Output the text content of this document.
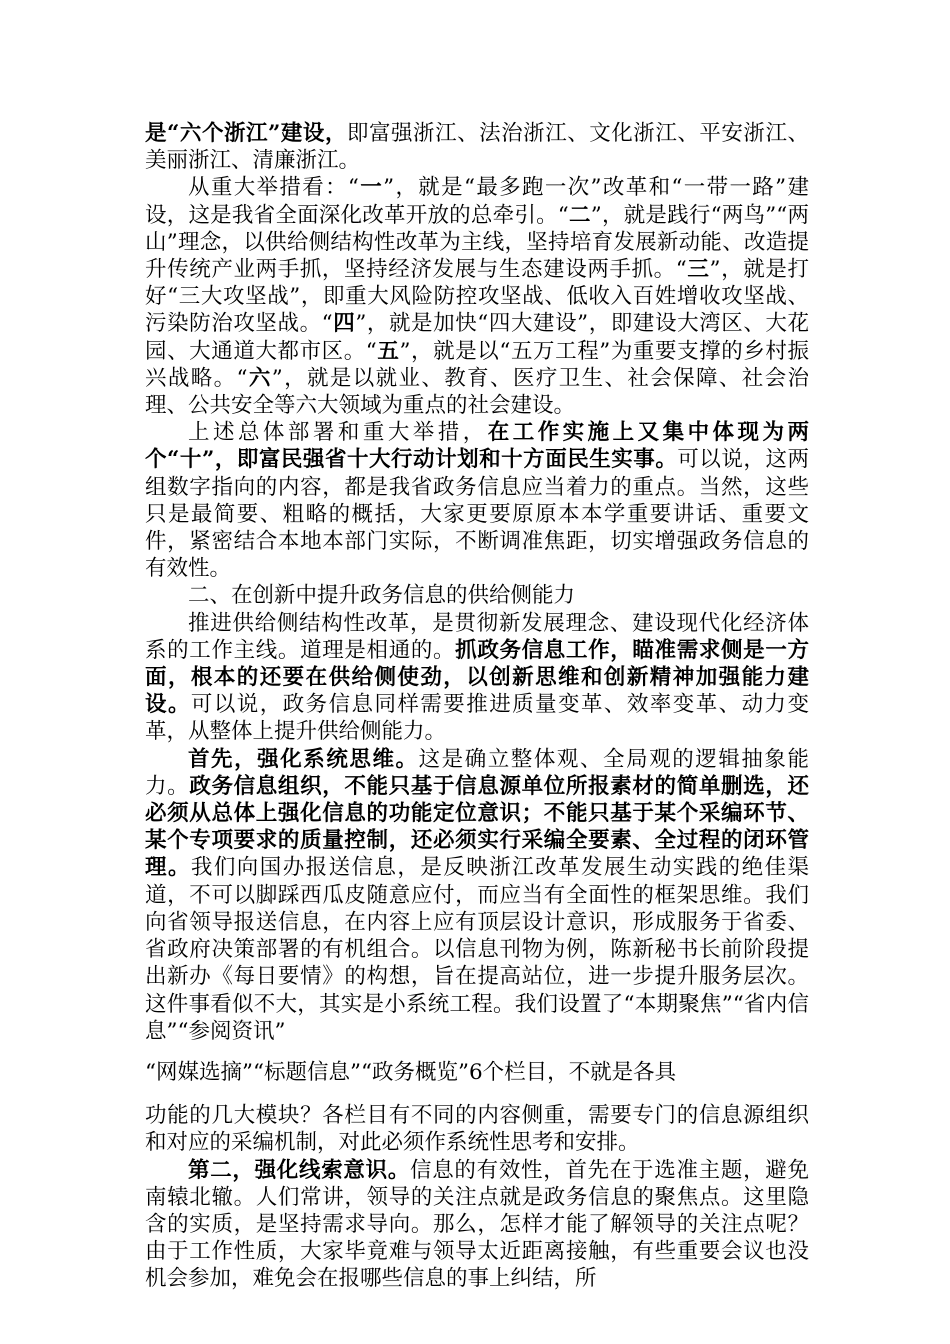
是“六个浙江”建设，即富强浙江、法治浙江、文化浙江、平安浙江、美丽浙江、清廉浙江。

从重大举措看：“一”，就是“最多跑一次”改革和“一带一路”建设，这是我省全面深化改革开放的总牵引。“二”，就是践行“两鸟”“两山”理念，以供给侧结构性改革为主线，坚持培育发展新动能、改造提升传统产业两手抓，坚持经济发展与生态建设两手抓。“三”，就是打好“三大攻坚战”，即重大风险防控攻坚战、低收入百姓增收攻坚战、污染防治攻坚战。“四”，就是加快“四大建设”，即建设大湾区、大花园、大通道大都市区。“五”，就是以“五万工程”为重要支撑的乡村振兴战略。“六”，就是以就业、教育、医疗卫生、社会保障、社会治理、公共安全等六大领域为重点的社会建设。

上述总体部署和重大举措，在工作实施上又集中体现为两个“十”，即富民强省十大行动计划和十方面民生实事。可以说，这两组数字指向的内容，都是我省政务信息应当着力的重点。当然，这些只是最简要、粗略的概括，大家更要原原本本学重要讲话、重要文件，紧密结合本地本部门实际，不断调准焦距，切实增强政务信息的有效性。

二、在创新中提升政务信息的供给侧能力

推进供给侧结构性改革，是贯彻新发展理念、建设现代化经济体系的工作主线。道理是相通的。抓政务信息工作，瞄准需求侧是一方面，根本的还要在供给侧使劲，以创新思维和创新精神加强能力建设。可以说，政务信息同样需要推进质量变革、效率变革、动力变革，从整体上提升供给侧能力。

首先，强化系统思维。这是确立整体观、全局观的逻辑抽象能力。政务信息组织，不能只基于信息源单位所报素材的简单删选，还必须从总体上强化信息的功能定位意识；不能只基于某个采编环节、某个专项要求的质量控制，还必须实行采编全要素、全过程的闭环管理。我们向国办报送信息，是反映浙江改革发展生动实践的绝佳渠道，不可以脚踩西瓜皮随意应付，而应当有全面性的框架思维。我们向省领导报送信息，在内容上应有顶层设计意识，形成服务于省委、省政府决策部署的有机组合。以信息刊物为例，陈新秘书长前阶段提出新办《每日要情》的构想，旨在提高站位，进一步提升服务层次。这件事看似不大，其实是小系统工程。我们设置了“本期聚焦”“省内信息”“参阅资讯”

“网媒选摘”“标题信息”“政务概览”6个栏目，不就是各具

功能的几大模块？各栏目有不同的内容侧重，需要专门的信息源组织和对应的采编机制，对此必须作系统性思考和安排。

第二，强化线索意识。信息的有效性，首先在于选准主题，避免南辕北辙。人们常讲，领导的关注点就是政务信息的聚焦点。这里隐含的实质，是坚持需求导向。那么，怎样才能了解领导的关注点呢？由于工作性质，大家毕竟难与领导太近距离接触，有些重要会议也没机会参加，难免会在报哪些信息的事上纠结，所
